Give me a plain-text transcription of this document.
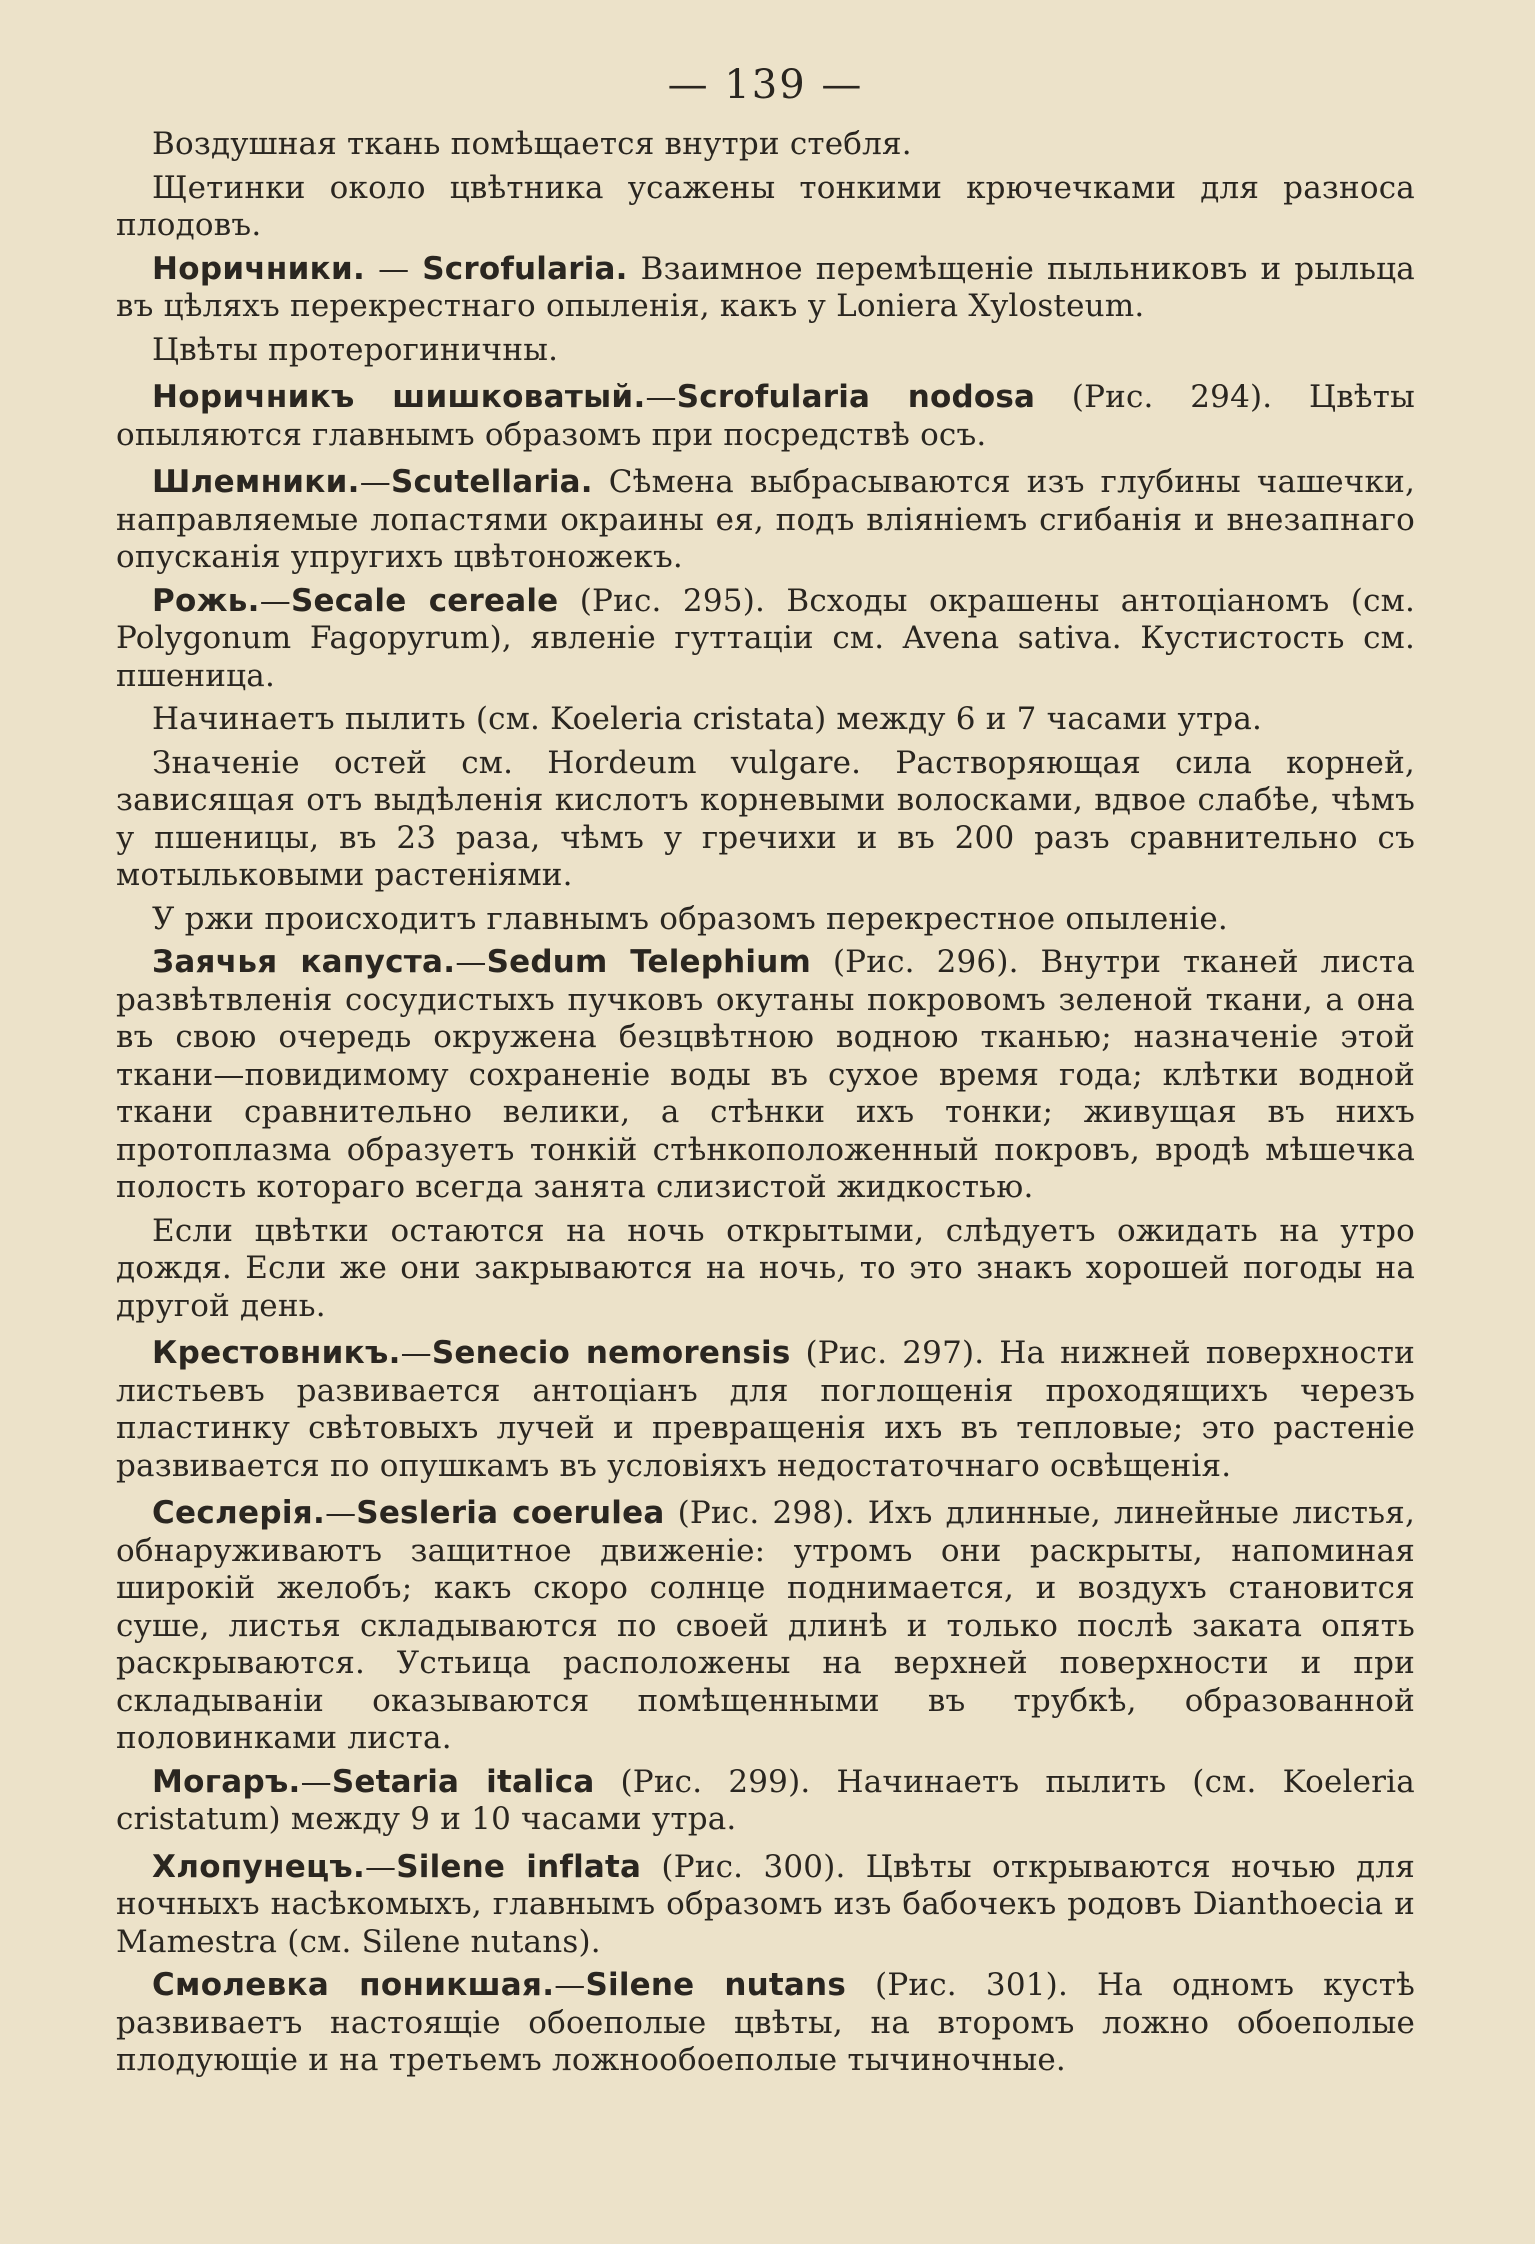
— 139 —

Воздушная ткань помѣщается внутри стебля.

Щетинки около цвѣтника усажены тонкими крючечками для разноса плодовъ.

Норичники. — Scrofularia. Взаимное перемѣщеніе пыльниковъ и рыльца въ цѣляхъ перекрестнаго опыленія, какъ у Loniera Xylosteum.

Цвѣты протерогиничны.

Норичникъ шишковатый.—Scrofularia nodosa (Рис. 294). Цвѣты опыляются главнымъ образомъ при посредствѣ осъ.

Шлемники.—Scutellaria. Сѣмена выбрасываются изъ глубины чашечки, направляемые лопастями окраины ея, подъ вліяніемъ сгибанія и внезапнаго опусканія упругихъ цвѣтоножекъ.

Рожь.—Secale cereale (Рис. 295). Всходы окрашены антоціаномъ (см. Polygonum Fagopyrum), явленіе гуттаціи см. Avena sativa. Кустистость см. пшеница.

Начинаетъ пылить (см. Koeleria cristata) между 6 и 7 часами утра.

Значеніе остей см. Hordeum vulgare. Растворяющая сила корней, зависящая отъ выдѣленія кислотъ корневыми волосками, вдвое слабѣе, чѣмъ у пшеницы, въ 23 раза, чѣмъ у гречихи и въ 200 разъ сравнительно съ мотыльковыми растеніями.

У ржи происходитъ главнымъ образомъ перекрестное опыленіе.

Заячья капуста.—Sedum Telephium (Рис. 296). Внутри тканей листа развѣтвленія сосудистыхъ пучковъ окутаны покровомъ зеленой ткани, а она въ свою очередь окружена безцвѣтною водною тканью; назначеніе этой ткани—повидимому сохраненіе воды въ сухое время года; клѣтки водной ткани сравнительно велики, а стѣнки ихъ тонки; живущая въ нихъ протоплазма образуетъ тонкій стѣнкоположенный покровъ, вродѣ мѣшечка полость котораго всегда занята слизистой жидкостью.

Если цвѣтки остаются на ночь открытыми, слѣдуетъ ожидать на утро дождя. Если же они закрываются на ночь, то это знакъ хорошей погоды на другой день.

Крестовникъ.—Senecio nemorensis (Рис. 297). На нижней поверхности листьевъ развивается антоціанъ для поглощенія проходящихъ черезъ пластинку свѣтовыхъ лучей и превращенія ихъ въ тепловые; это растеніе развивается по опушкамъ въ условіяхъ недостаточнаго освѣщенія.

Сеслерія.—Sesleria coerulea (Рис. 298). Ихъ длинные, линейные листья, обнаруживаютъ защитное движеніе: утромъ они раскрыты, напоминая широкій желобъ; какъ скоро солнце поднимается, и воздухъ становится суше, листья складываются по своей длинѣ и только послѣ заката опять раскрываются. Устьица расположены на верхней поверхности и при складываніи оказываются помѣщенными въ трубкѣ, образованной половинками листа.

Могаръ.—Setaria italica (Рис. 299). Начинаетъ пылить (см. Koeleria cristatum) между 9 и 10 часами утра.

Хлопунецъ.—Silene inflata (Рис. 300). Цвѣты открываются ночью для ночныхъ насѣкомыхъ, главнымъ образомъ изъ бабочекъ родовъ Dianthoecia и Mamestra (см. Silene nutans).

Смолевка поникшая.—Silene nutans (Рис. 301). На одномъ кустѣ развиваетъ настоящіе обоеполые цвѣты, на второмъ ложно обоеполые плодующіе и на третьемъ ложнообоеполые тычиночные.
